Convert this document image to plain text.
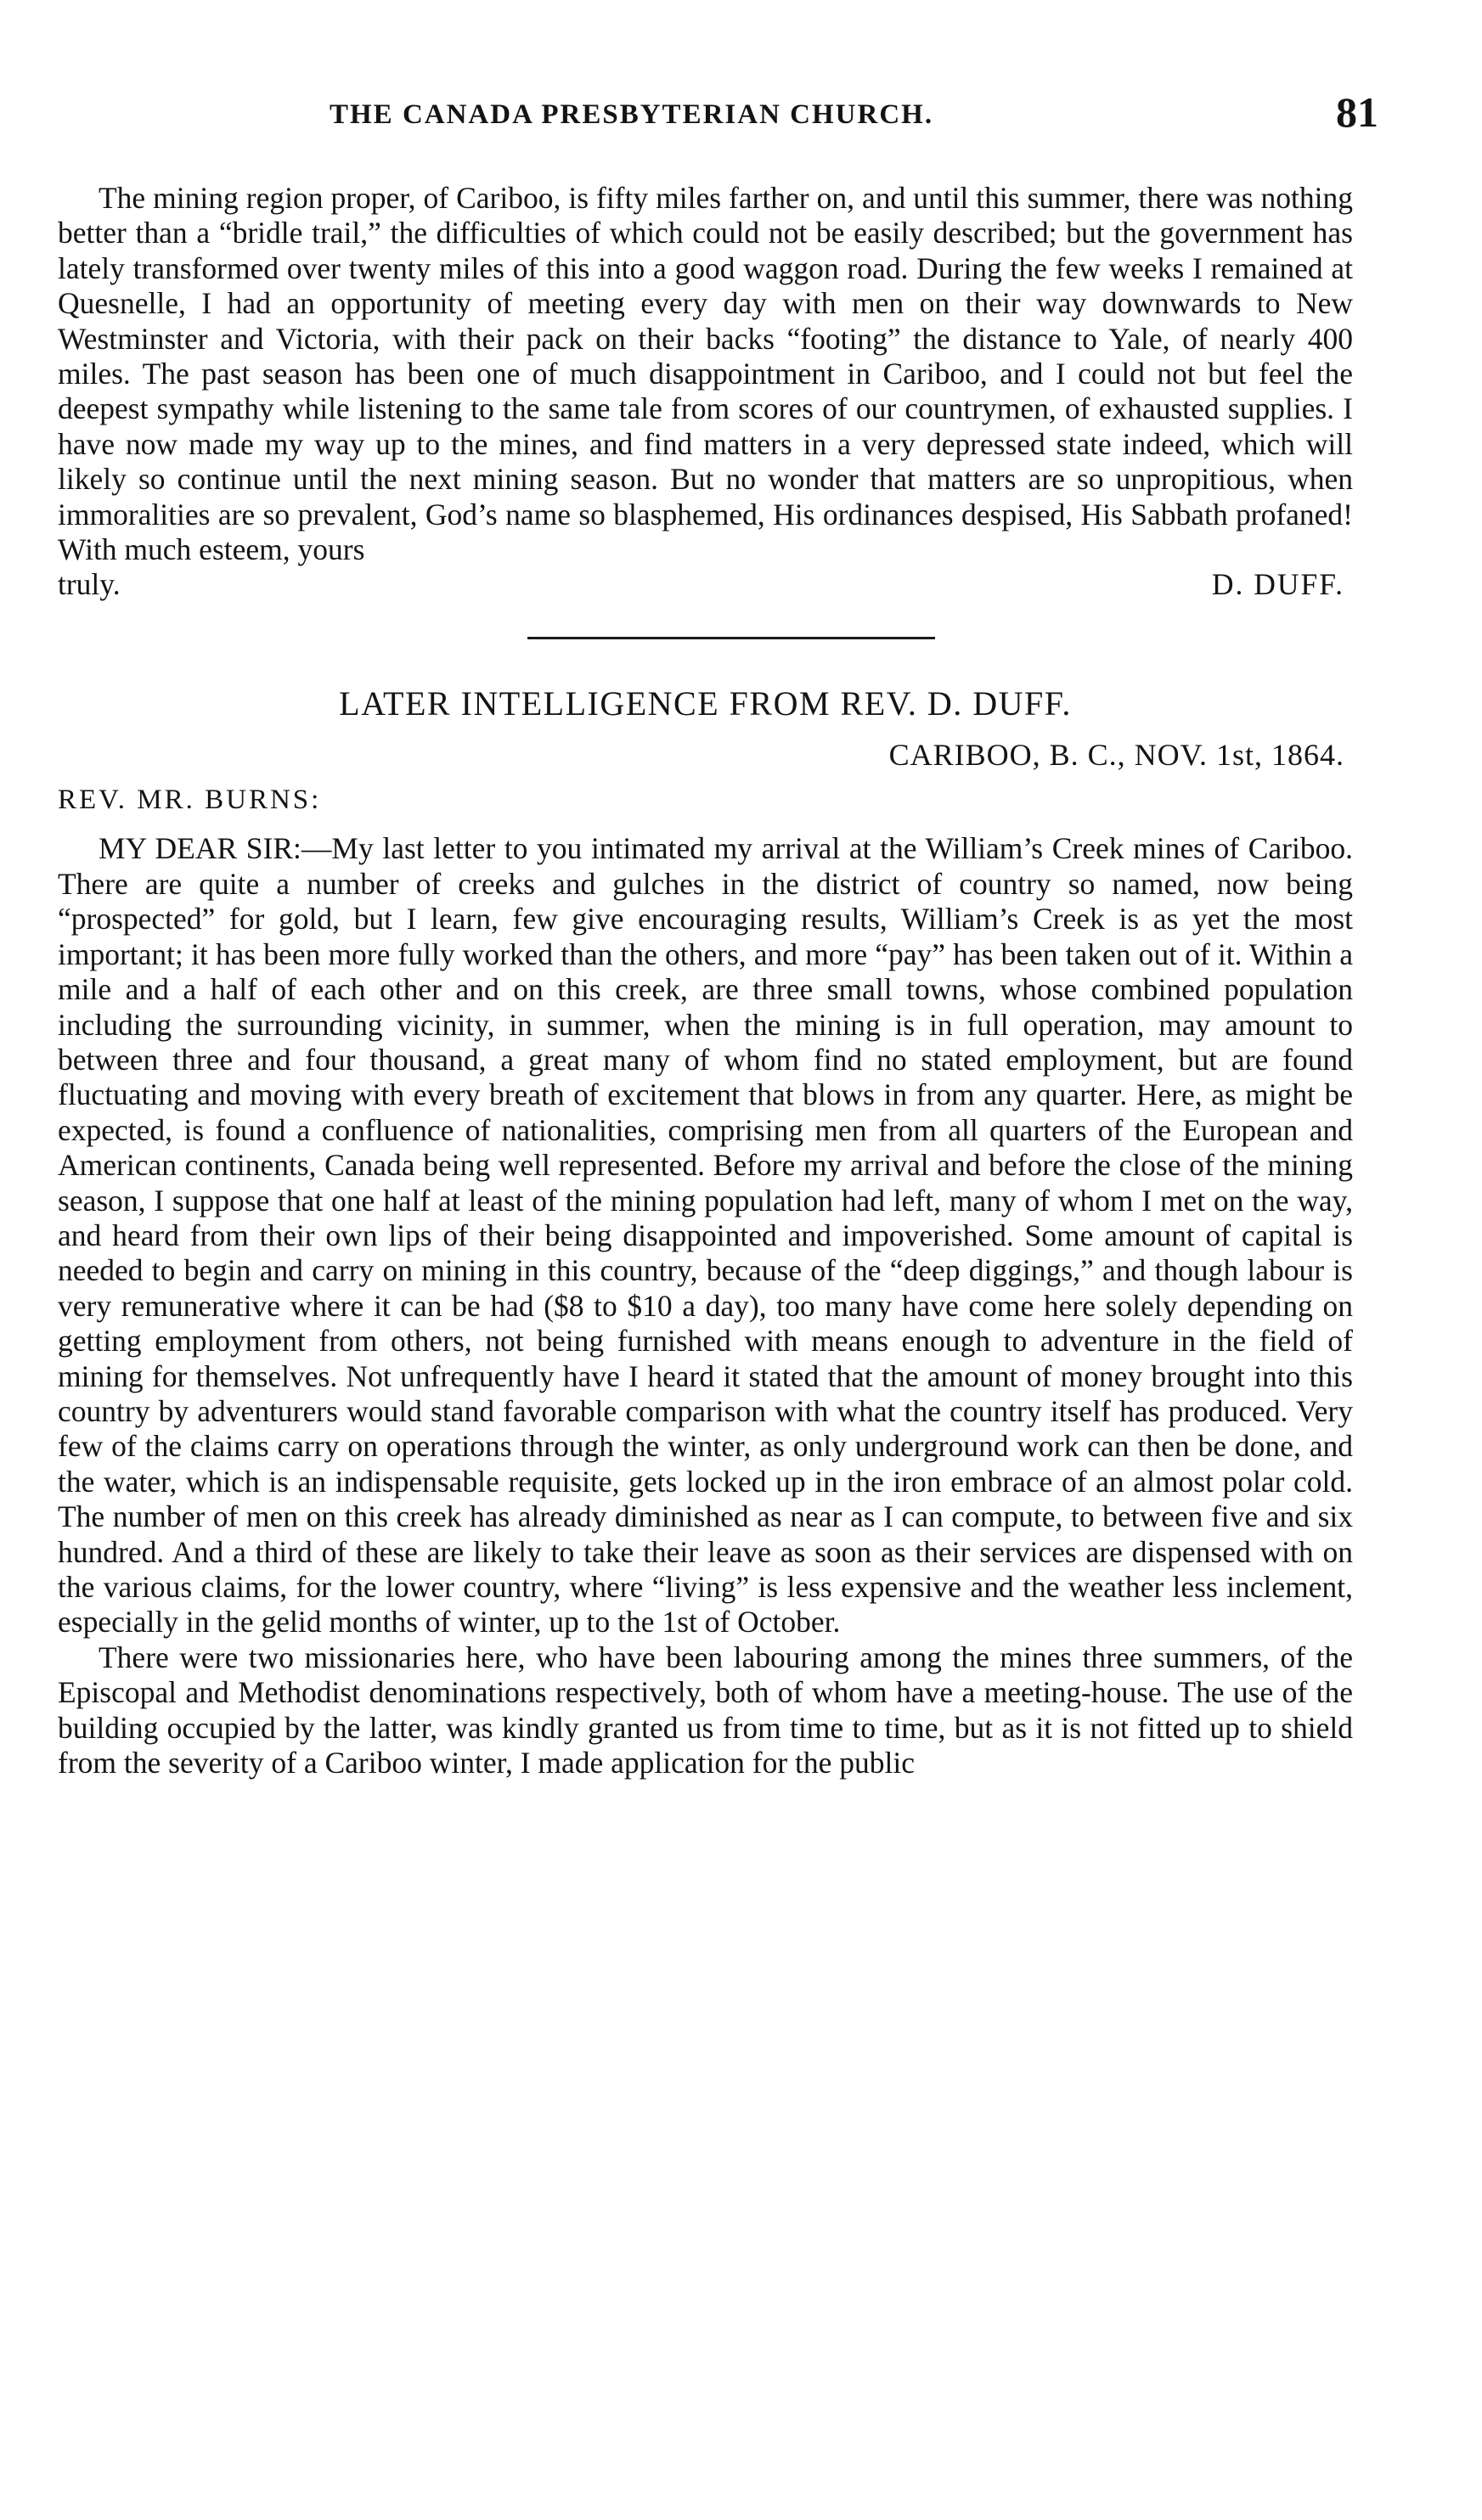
THE CANADA PRESBYTERIAN CHURCH.	81

The mining region proper, of Cariboo, is fifty miles farther on, and until this summer, there was nothing better than a “bridle trail,” the difficulties of which could not be easily described; but the government has lately transformed over twenty miles of this into a good waggon road. During the few weeks I remained at Quesnelle, I had an opportunity of meeting every day with men on their way downwards to New Westminster and Victoria, with their pack on their backs “footing” the distance to Yale, of nearly 400 miles. The past season has been one of much disappointment in Cariboo, and I could not but feel the deepest sympathy while listening to the same tale from scores of our countrymen, of exhausted supplies. I have now made my way up to the mines, and find matters in a very depressed state indeed, which will likely so continue until the next mining season. But no wonder that matters are so unpropitious, when immoralities are so prevalent, God’s name so blasphemed, His ordinances despised, His Sabbath profaned! With much esteem, yours

truly.	D. DUFF.
LATER INTELLIGENCE FROM REV. D. DUFF.
CARIBOO, B. C., NOV. 1st, 1864.
REV. MR. BURNS:

MY DEAR SIR:—My last letter to you intimated my arrival at the William’s Creek mines of Cariboo. There are quite a number of creeks and gulches in the district of country so named, now being “prospected” for gold, but I learn, few give encouraging results, William’s Creek is as yet the most important; it has been more fully worked than the others, and more “pay” has been taken out of it. Within a mile and a half of each other and on this creek, are three small towns, whose combined population including the surrounding vicinity, in summer, when the mining is in full operation, may amount to between three and four thousand, a great many of whom find no stated employment, but are found fluctuating and moving with every breath of excitement that blows in from any quarter. Here, as might be expected, is found a confluence of nationalities, comprising men from all quarters of the European and American continents, Canada being well represented. Before my arrival and before the close of the mining season, I suppose that one half at least of the mining population had left, many of whom I met on the way, and heard from their own lips of their being disappointed and impoverished. Some amount of capital is needed to begin and carry on mining in this country, because of the “deep diggings,” and though labour is very remunerative where it can be had ($8 to $10 a day), too many have come here solely depending on getting employment from others, not being furnished with means enough to adventure in the field of mining for themselves. Not unfrequently have I heard it stated that the amount of money brought into this country by adventurers would stand favorable comparison with what the country itself has produced. Very few of the claims carry on operations through the winter, as only underground work can then be done, and the water, which is an indispensable requisite, gets locked up in the iron embrace of an almost polar cold. The number of men on this creek has already diminished as near as I can compute, to between five and six hundred. And a third of these are likely to take their leave as soon as their services are dispensed with on the various claims, for the lower country, where “living” is less expensive and the weather less inclement, especially in the gelid months of winter, up to the 1st of October.

There were two missionaries here, who have been labouring among the mines three summers, of the Episcopal and Methodist denominations respectively, both of whom have a meeting-house. The use of the building occupied by the latter, was kindly granted us from time to time, but as it is not fitted up to shield from the severity of a Cariboo winter, I made application for the public
